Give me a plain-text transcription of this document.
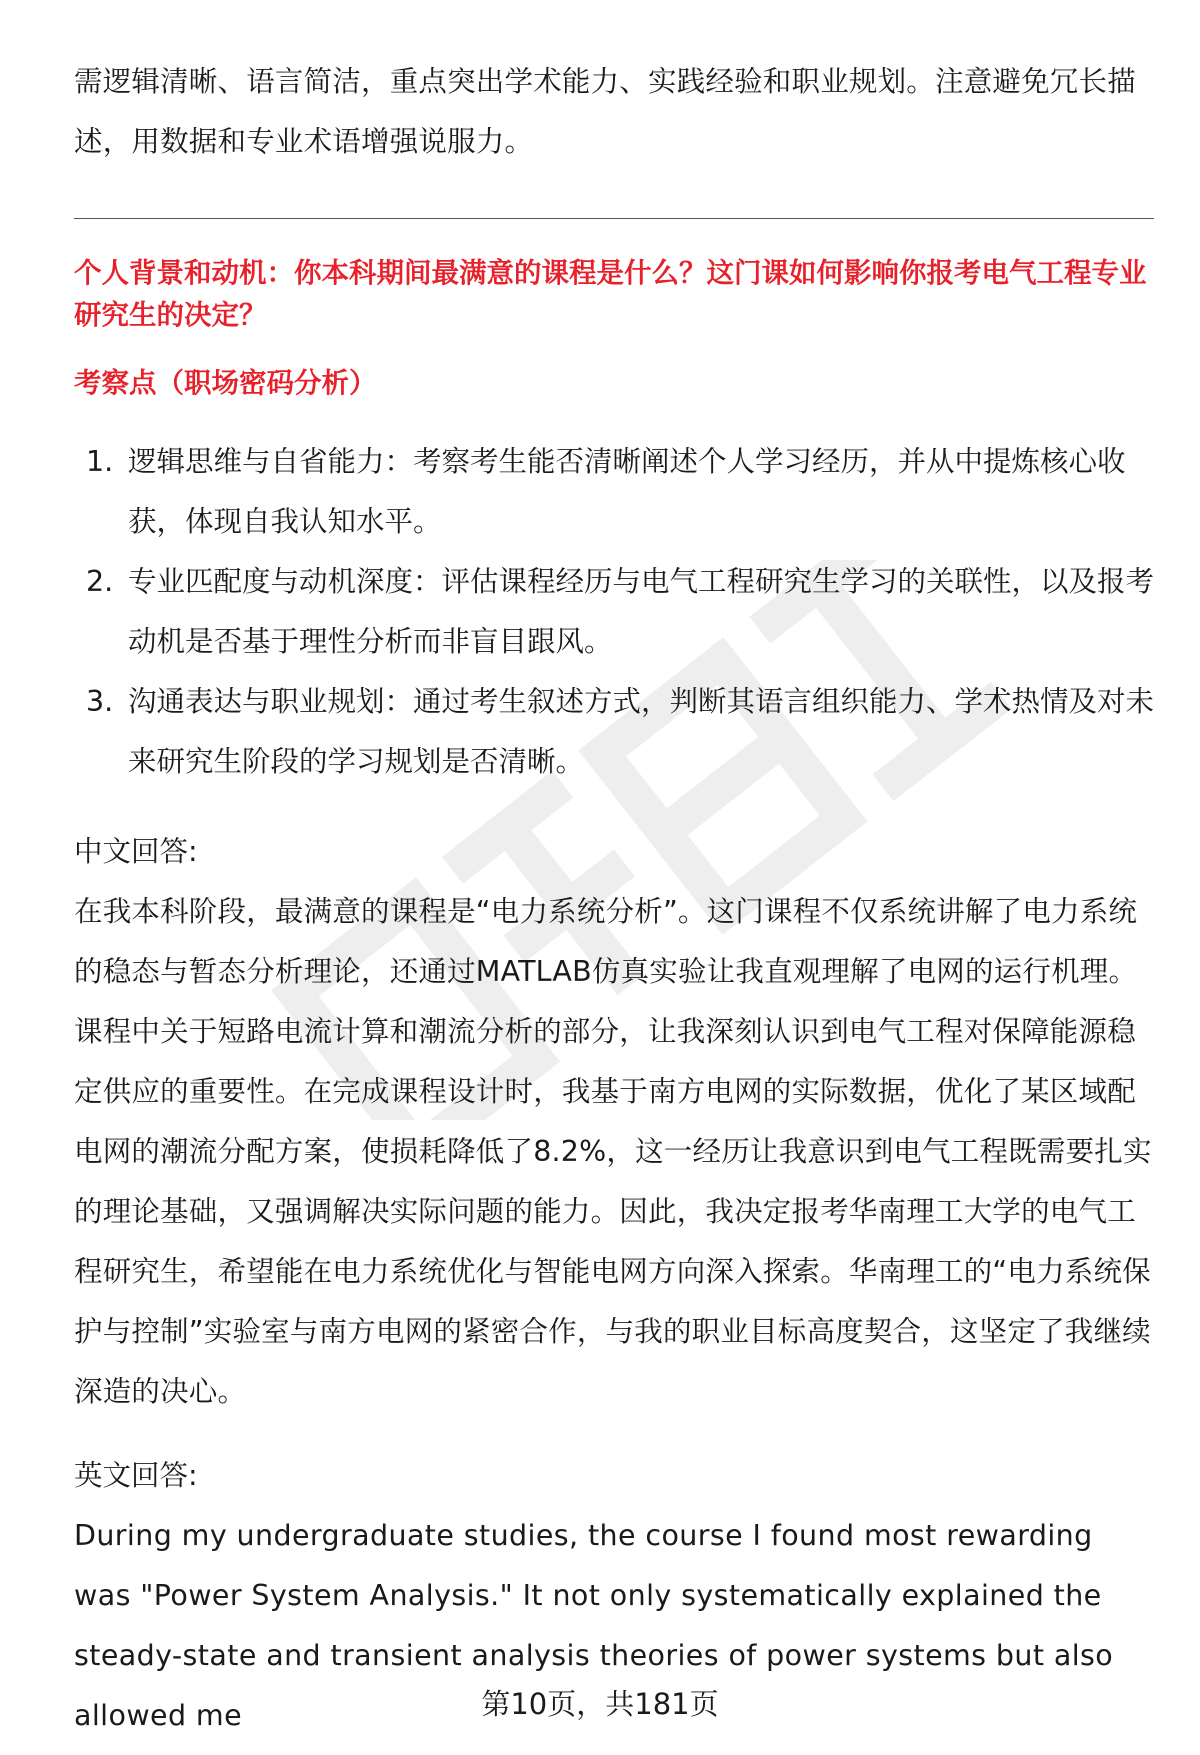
需逻辑清晰、语言简洁，重点突出学术能力、实践经验和职业规划。注意避免冗长描述，用数据和专业术语增强说服力。

个人背景和动机：你本科期间最满意的课程是什么？这门课如何影响你报考电气工程专业研究生的决定？

考察点（职场密码分析）

1. 逻辑思维与自省能力：考察考生能否清晰阐述个人学习经历，并从中提炼核心收获，体现自我认知水平。
2. 专业匹配度与动机深度：评估课程经历与电气工程研究生学习的关联性，以及报考动机是否基于理性分析而非盲目跟风。
3. 沟通表达与职业规划：通过考生叙述方式，判断其语言组织能力、学术热情及对未来研究生阶段的学习规划是否清晰。

中文回答:

在我本科阶段，最满意的课程是“电力系统分析”。这门课程不仅系统讲解了电力系统的稳态与暂态分析理论，还通过MATLAB仿真实验让我直观理解了电网的运行机理。课程中关于短路电流计算和潮流分析的部分，让我深刻认识到电气工程对保障能源稳定供应的重要性。在完成课程设计时，我基于南方电网的实际数据，优化了某区域配电网的潮流分配方案，使损耗降低了8.2%，这一经历让我意识到电气工程既需要扎实的理论基础，又强调解决实际问题的能力。因此，我决定报考华南理工大学的电气工程研究生，希望能在电力系统优化与智能电网方向深入探索。华南理工的“电力系统保护与控制”实验室与南方电网的紧密合作，与我的职业目标高度契合，这坚定了我继续深造的决心。

英文回答:

During my undergraduate studies, the course I found most rewarding was "Power System Analysis." It not only systematically explained the steady-state and transient analysis theories of power systems but also allowed me	第10页，共181页
